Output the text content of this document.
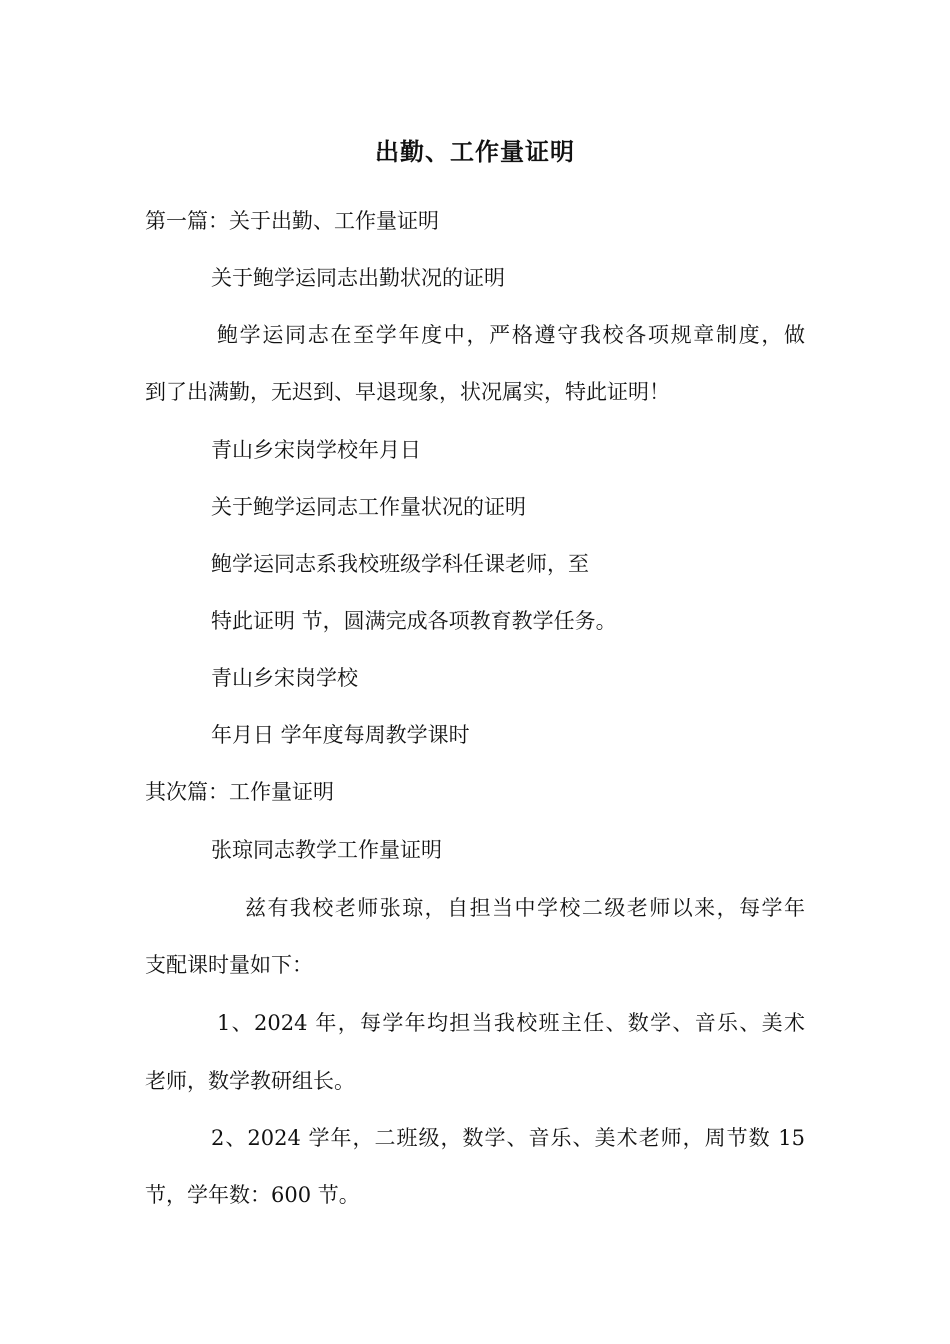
出勤、工作量证明
第一篇：关于出勤、工作量证明
关于鲍学运同志出勤状况的证明
鲍学运同志在至学年度中，严格遵守我校各项规章制度，做
到了出满勤，无迟到、早退现象，状况属实，特此证明！
青山乡宋岗学校年月日
关于鲍学运同志工作量状况的证明
鲍学运同志系我校班级学科任课老师，至
特此证明 节，圆满完成各项教育教学任务。
青山乡宋岗学校
年月日 学年度每周教学课时
其次篇：工作量证明
张琼同志教学工作量证明
兹有我校老师张琼，自担当中学校二级老师以来，每学年
支配课时量如下：
1、2024 年，每学年均担当我校班主任、数学、音乐、美术
老师，数学教研组长。
2、2024 学年，二班级，数学、音乐、美术老师，周节数 15
节，学年数：600 节。
